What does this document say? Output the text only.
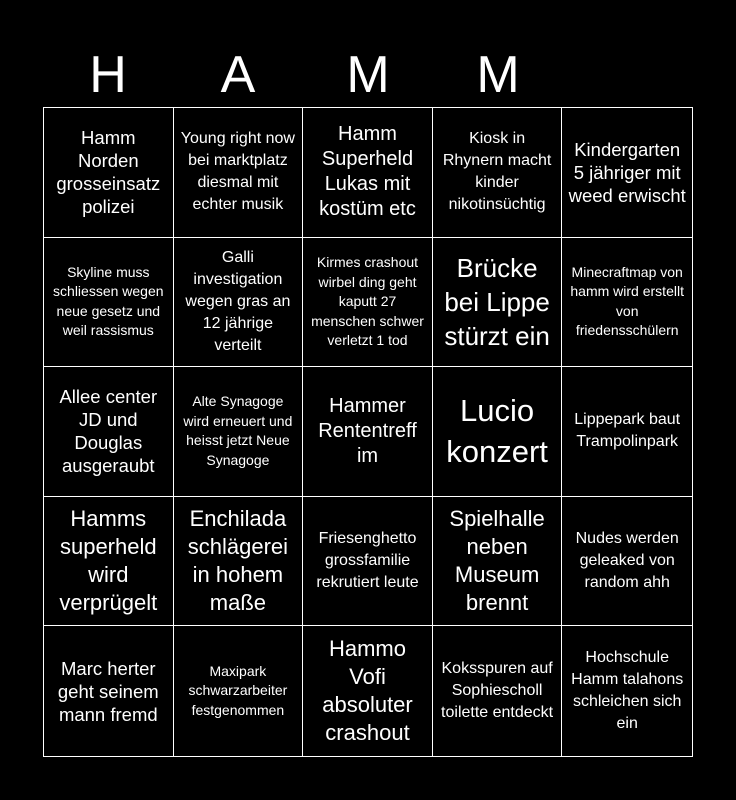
H	A	M	M
Hamm Norden grosseinsatz polizei
Young right now bei marktplatz diesmal mit echter musik
Hamm Superheld Lukas mit kostüm etc
Kiosk in Rhynern macht kinder nikotinsüchtig
Kindergarten 5 jähriger mit weed erwischt
Skyline muss schliessen wegen neue gesetz und weil rassismus
Galli investigation wegen gras an 12 jährige verteilt
Kirmes crashout wirbel ding geht kaputt 27 menschen schwer verletzt 1 tod
Brücke bei Lippe stürzt ein
Minecraftmap von hamm wird erstellt von friedensschülern
Allee center JD und Douglas ausgeraubt
Alte Synagoge wird erneuert und heisst jetzt Neue Synagoge
Hammer Rententreff im
Lucio konzert
Lippepark baut Trampolinpark
Hamms superheld wird verprügelt
Enchilada schlägerei in hohem maße
Friesenghetto grossfamilie rekrutiert leute
Spielhalle neben Museum brennt
Nudes werden geleaked von random ahh
Marc herter geht seinem mann fremd
Maxipark schwarzarbeiter festgenommen
Hammo Vofi absoluter crashout
Koksspuren auf Sophiescholl toilette entdeckt
Hochschule Hamm talahons schleichen sich ein
